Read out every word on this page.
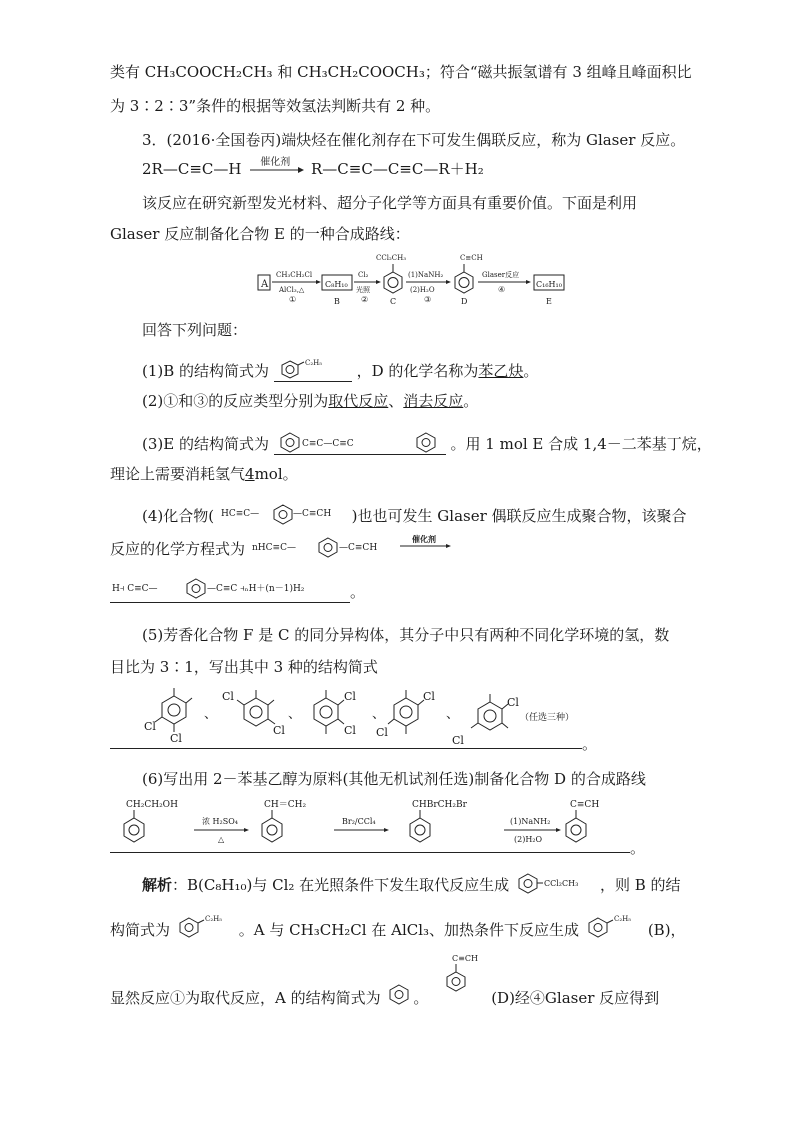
类有 CH₃COOCH₂CH₃ 和 CH₃CH₂COOCH₃；符合“磁共振氢谱有 3 组峰且峰面积比
为 3∶2∶3”条件的根据等效氢法判断共有 2 种。
3．(2016·全国卷丙)端炔烃在催化剂存在下可发生偶联反应，称为 Glaser 反应。
2R—C≡C—H 催化剂 R—C≡C—C≡C—R＋H₂
该反应在研究新型发光材料、超分子化学等方面具有重要价值。下面是利用
Glaser 反应制备化合物 E 的一种合成路线：
A
CH₃CH₂Cl
AlCl₃,△
①
C₈H₁₀
B
Cl₂
光照
②
CCl₂CH₃
C
(1)NaNH₂
(2)H₂O
③
C≡CH
D
Glaser反应
④
C₁₆H₁₀
E
回答下列问题：
(1)B 的结构简式为	C₂H₅ ，D 的化学名称为苯乙炔。
(2)①和③的反应类型分别为取代反应、消去反应。
(3)E 的结构简式为	C≡C—C≡C	。用 1 mol E 合成 1,4－二苯基丁烷，
理论上需要消耗氢气4mol。
(4)化合物( HC≡C—	—C≡CH )也也可发生 Glaser 偶联反应生成聚合物，该聚合
反应的化学方程式为 nHC≡C—	—C≡CH
催化剂
H⫞ C≡C—	—C≡C ⫞ₙH＋(n－1)H₂	。
(5)芳香化合物 F 是 C 的同分异构体，其分子中只有两种不同化学环境的氢，数
目比为 3∶1，写出其中 3 种的结构简式
Cl
Cl
、
Cl
Cl
、
Cl
Cl
、
Cl
Cl
、
Cl
Cl
（任选三种）
。
(6)写出用 2－苯基乙醇为原料(其他无机试剂任选)制备化合物 D 的合成路线
CH₂CH₂OH
浓 H₂SO₄
△
CH＝CH₂
Br₂/CCl₄
CHBrCH₂Br
(1)NaNH₂
(2)H₂O
C≡CH
。
解析：B(C₈H₁₀)与 Cl₂ 在光照条件下发生取代反应生成	CCl₂CH₃ ，则 B 的结
构简式为
C₂H₅
。A 与 CH₃CH₂Cl 在 AlCl₃、加热条件下反应生成
C₂H₅
(B)，
C≡CH
显然反应①为取代反应，A 的结构简式为 。	(D)经④Glaser 反应得到
